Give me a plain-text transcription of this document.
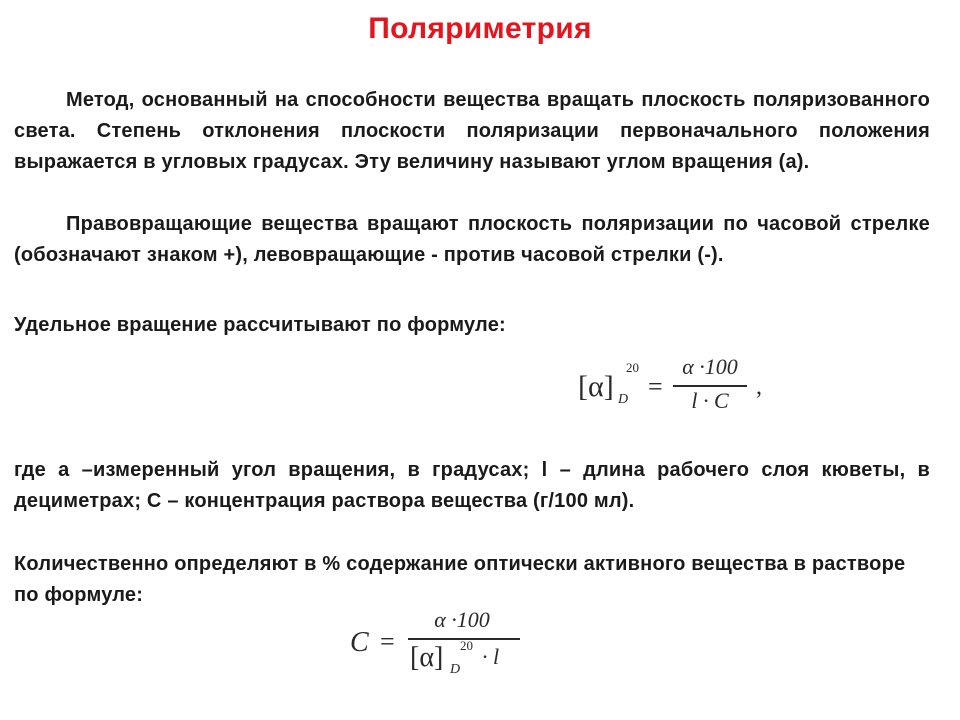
Поляриметрия
Метод, основанный на способности вещества вращать плоскость поляризованного света. Степень отклонения плоскости поляризации первоначального положения выражается в угловых градусах. Эту величину называют углом вращения (а).
Правовращающие вещества вращают плоскость поляризации по часовой стрелке (обозначают знаком +), левовращающие - против часовой стрелки (-).
Удельное вращение рассчитывают по формуле:
[α]
20
D =
α ·100
l · C
,
где а –измеренный угол вращения, в градусах; l – длина рабочего слоя кюветы, в дециметрах; С – концентрация раствора вещества (г/100 мл).
Количественно определяют в % содержание оптически активного вещества в растворе по формуле:
C =
α ·100
[α] 20
D
· l
